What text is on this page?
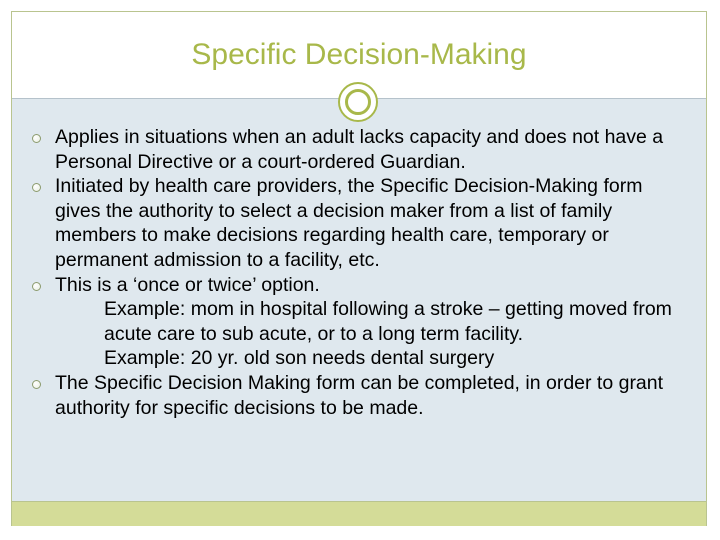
Specific Decision-Making
Applies in situations when an adult lacks capacity and does not have a Personal Directive or a court-ordered Guardian.
Initiated by health care providers, the Specific Decision-Making form gives the authority to select a decision maker from a list of family members to make decisions regarding health care, temporary or permanent admission to a facility, etc.
This is a ‘once or twice’ option.
Example: mom in hospital following a stroke – getting moved from acute care to sub acute, or to a long term facility.
Example: 20 yr. old son needs dental surgery
The Specific Decision Making form can be completed, in order to grant authority for specific decisions to be made.
